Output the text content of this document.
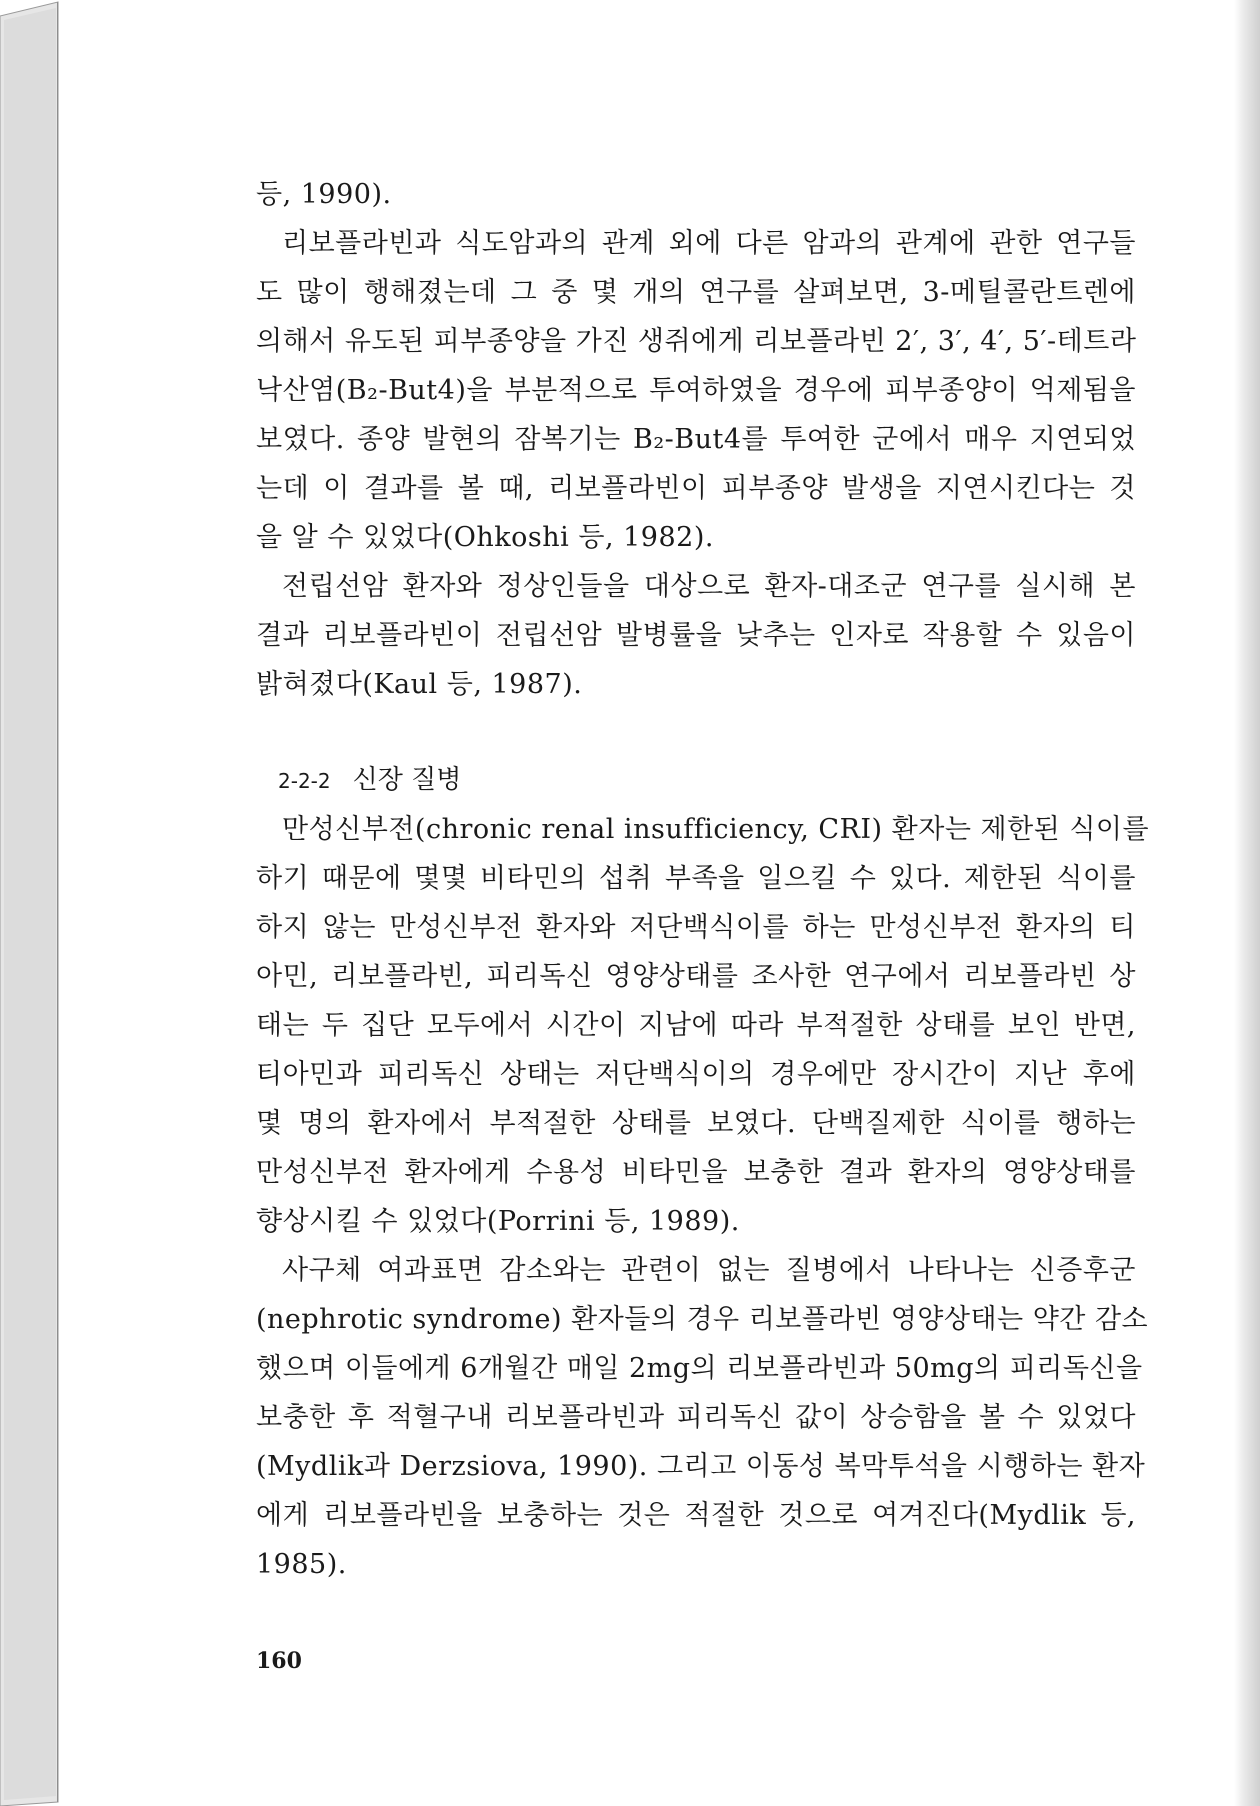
등, 1990).
리보플라빈과 식도암과의 관계 외에 다른 암과의 관계에 관한 연구들
도 많이 행해졌는데 그 중 몇 개의 연구를 살펴보면, 3-메틸콜란트렌에
의해서 유도된 피부종양을 가진 생쥐에게 리보플라빈 2′, 3′, 4′, 5′-테트라
낙산염(B₂-But4)을 부분적으로 투여하였을 경우에 피부종양이 억제됨을
보였다. 종양 발현의 잠복기는 B₂-But4를 투여한 군에서 매우 지연되었
는데 이 결과를 볼 때, 리보플라빈이 피부종양 발생을 지연시킨다는 것
을 알 수 있었다(Ohkoshi 등, 1982).
전립선암 환자와 정상인들을 대상으로 환자-대조군 연구를 실시해 본
결과 리보플라빈이 전립선암 발병률을 낮추는 인자로 작용할 수 있음이
밝혀졌다(Kaul 등, 1987).
2-2-2 신장 질병
만성신부전(chronic renal insufficiency, CRI) 환자는 제한된 식이를
하기 때문에 몇몇 비타민의 섭취 부족을 일으킬 수 있다. 제한된 식이를
하지 않는 만성신부전 환자와 저단백식이를 하는 만성신부전 환자의 티
아민, 리보플라빈, 피리독신 영양상태를 조사한 연구에서 리보플라빈 상
태는 두 집단 모두에서 시간이 지남에 따라 부적절한 상태를 보인 반면,
티아민과 피리독신 상태는 저단백식이의 경우에만 장시간이 지난 후에
몇 명의 환자에서 부적절한 상태를 보였다. 단백질제한 식이를 행하는
만성신부전 환자에게 수용성 비타민을 보충한 결과 환자의 영양상태를
향상시킬 수 있었다(Porrini 등, 1989).
사구체 여과표면 감소와는 관련이 없는 질병에서 나타나는 신증후군
(nephrotic syndrome) 환자들의 경우 리보플라빈 영양상태는 약간 감소
했으며 이들에게 6개월간 매일 2mg의 리보플라빈과 50mg의 피리독신을
보충한 후 적혈구내 리보플라빈과 피리독신 값이 상승함을 볼 수 있었다
(Mydlik과 Derzsiova, 1990). 그리고 이동성 복막투석을 시행하는 환자
에게 리보플라빈을 보충하는 것은 적절한 것으로 여겨진다(Mydlik 등,
1985).
160
